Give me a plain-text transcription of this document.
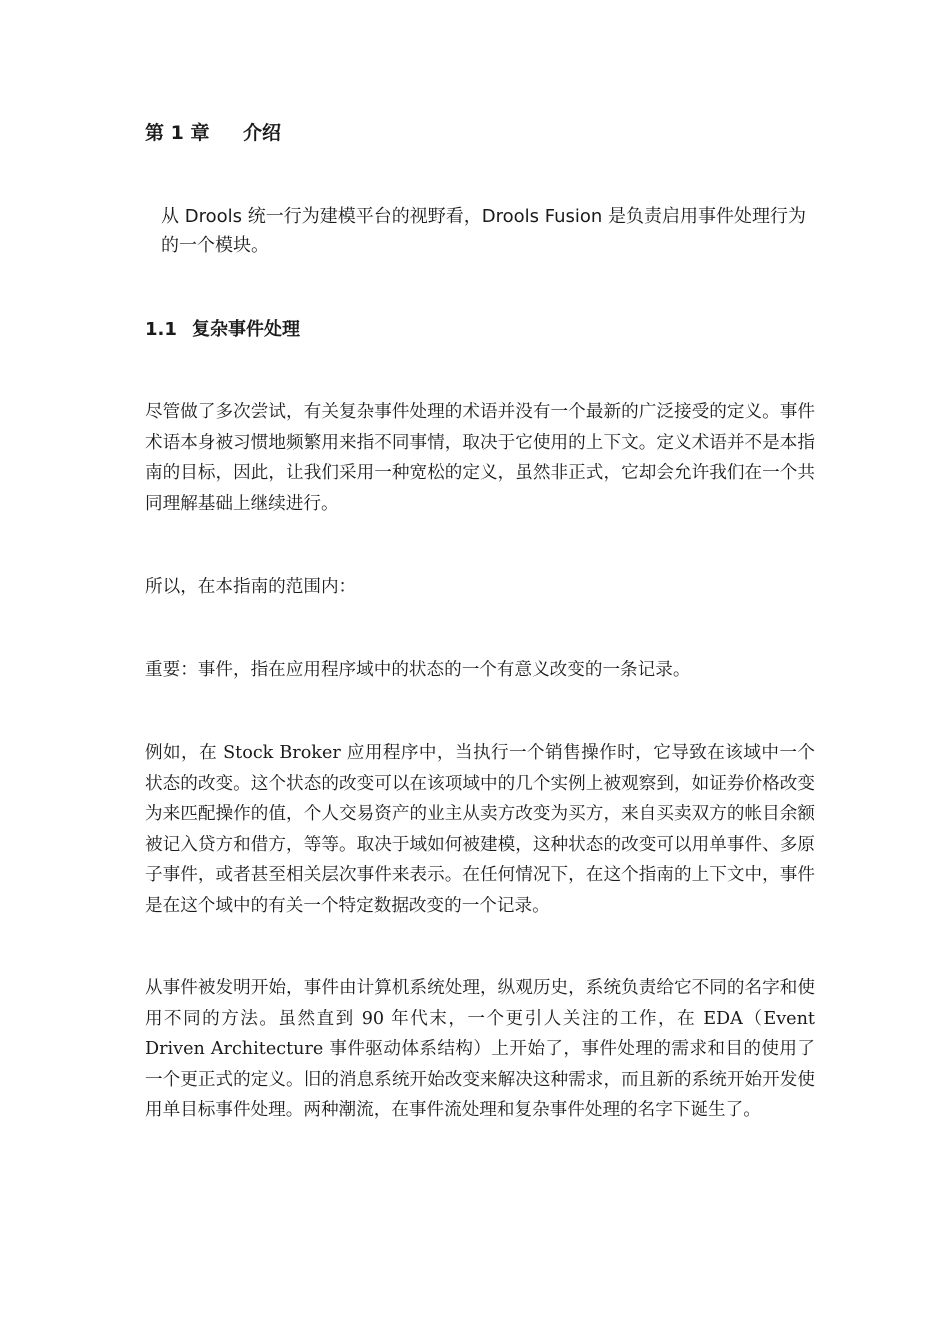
第 1 章 介绍

从 Drools 统一行为建模平台的视野看，Drools Fusion 是负责启用事件处理行为的一个模块。

1.1 复杂事件处理

尽管做了多次尝试，有关复杂事件处理的术语并没有一个最新的广泛接受的定义。事件术语本身被习惯地频繁用来指不同事情，取决于它使用的上下文。定义术语并不是本指南的目标，因此，让我们采用一种宽松的定义，虽然非正式，它却会允许我们在一个共同理解基础上继续进行。

所以，在本指南的范围内：

重要：事件，指在应用程序域中的状态的一个有意义改变的一条记录。

例如，在 Stock Broker 应用程序中，当执行一个销售操作时，它导致在该域中一个状态的改变。这个状态的改变可以在该项域中的几个实例上被观察到，如证券价格改变为来匹配操作的值，个人交易资产的业主从卖方改变为买方，来自买卖双方的帐目余额被记入贷方和借方，等等。取决于域如何被建模，这种状态的改变可以用单事件、多原子事件，或者甚至相关层次事件来表示。在任何情况下，在这个指南的上下文中，事件是在这个域中的有关一个特定数据改变的一个记录。

从事件被发明开始，事件由计算机系统处理，纵观历史，系统负责给它不同的名字和使用不同的方法。虽然直到 90 年代末，一个更引人关注的工作，在 EDA（Event Driven Architecture 事件驱动体系结构）上开始了，事件处理的需求和目的使用了一个更正式的定义。旧的消息系统开始改变来解决这种需求，而且新的系统开始开发使用单目标事件处理。两种潮流，在事件流处理和复杂事件处理的名字下诞生了。
